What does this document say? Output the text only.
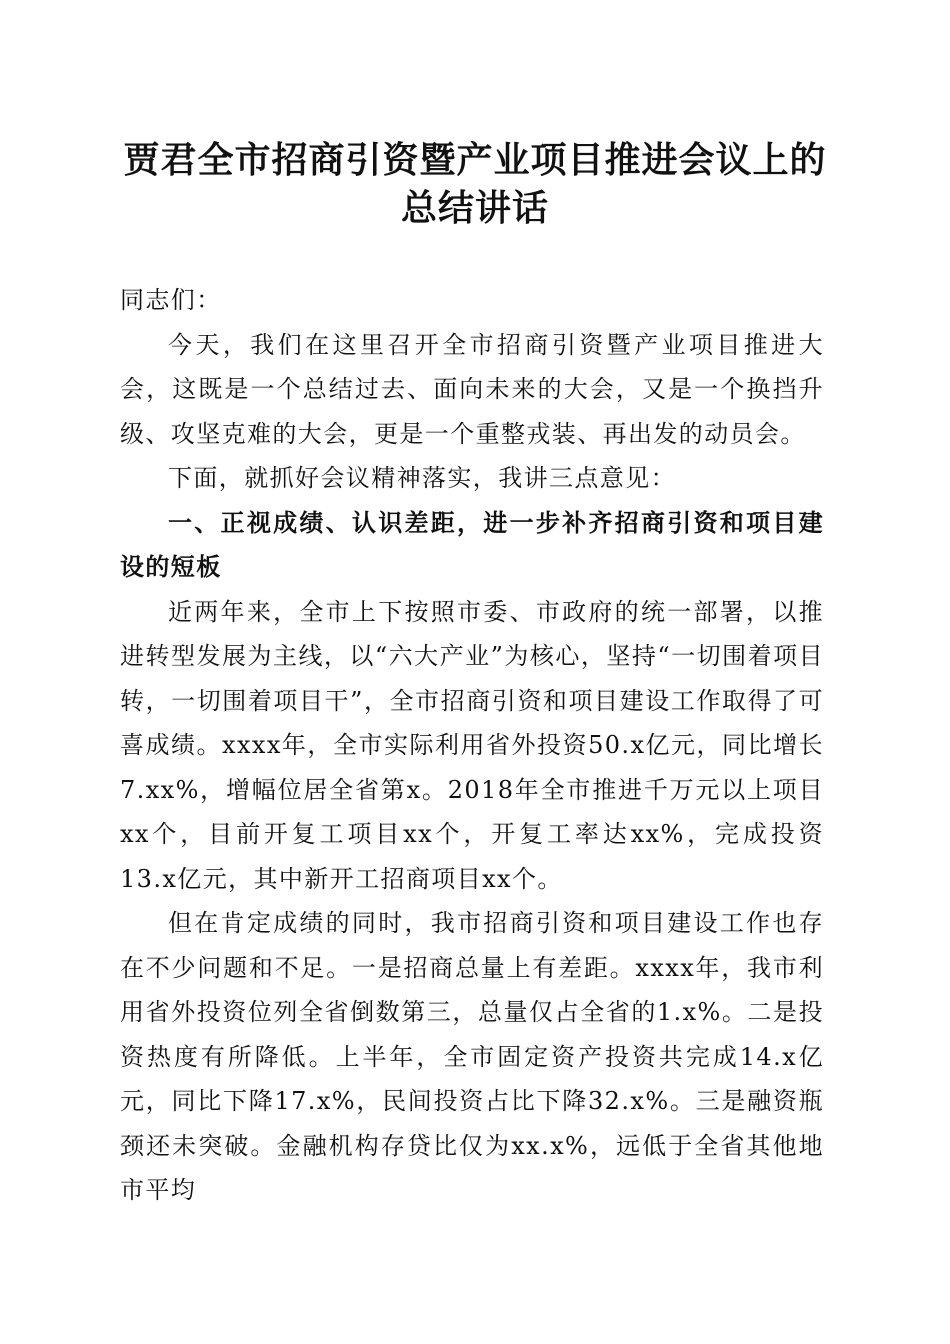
贾君全市招商引资暨产业项目推进会议上的总结讲话

同志们：

今天，我们在这里召开全市招商引资暨产业项目推进大会，这既是一个总结过去、面向未来的大会，又是一个换挡升级、攻坚克难的大会，更是一个重整戎装、再出发的动员会。

下面，就抓好会议精神落实，我讲三点意见：

一、正视成绩、认识差距，进一步补齐招商引资和项目建设的短板

近两年来，全市上下按照市委、市政府的统一部署，以推进转型发展为主线，以“六大产业”为核心，坚持“一切围着项目转，一切围着项目干”，全市招商引资和项目建设工作取得了可喜成绩。xxxx年，全市实际利用省外投资50.x亿元，同比增长7.xx%，增幅位居全省第x。2018年全市推进千万元以上项目xx个，目前开复工项目xx个，开复工率达xx%，完成投资13.x亿元，其中新开工招商项目xx个。

但在肯定成绩的同时，我市招商引资和项目建设工作也存在不少问题和不足。一是招商总量上有差距。xxxx年，我市利用省外投资位列全省倒数第三，总量仅占全省的1.x%。二是投资热度有所降低。上半年，全市固定资产投资共完成14.x亿元，同比下降17.x%，民间投资占比下降32.x%。三是融资瓶颈还未突破。金融机构存贷比仅为xx.x%，远低于全省其他地市平均
